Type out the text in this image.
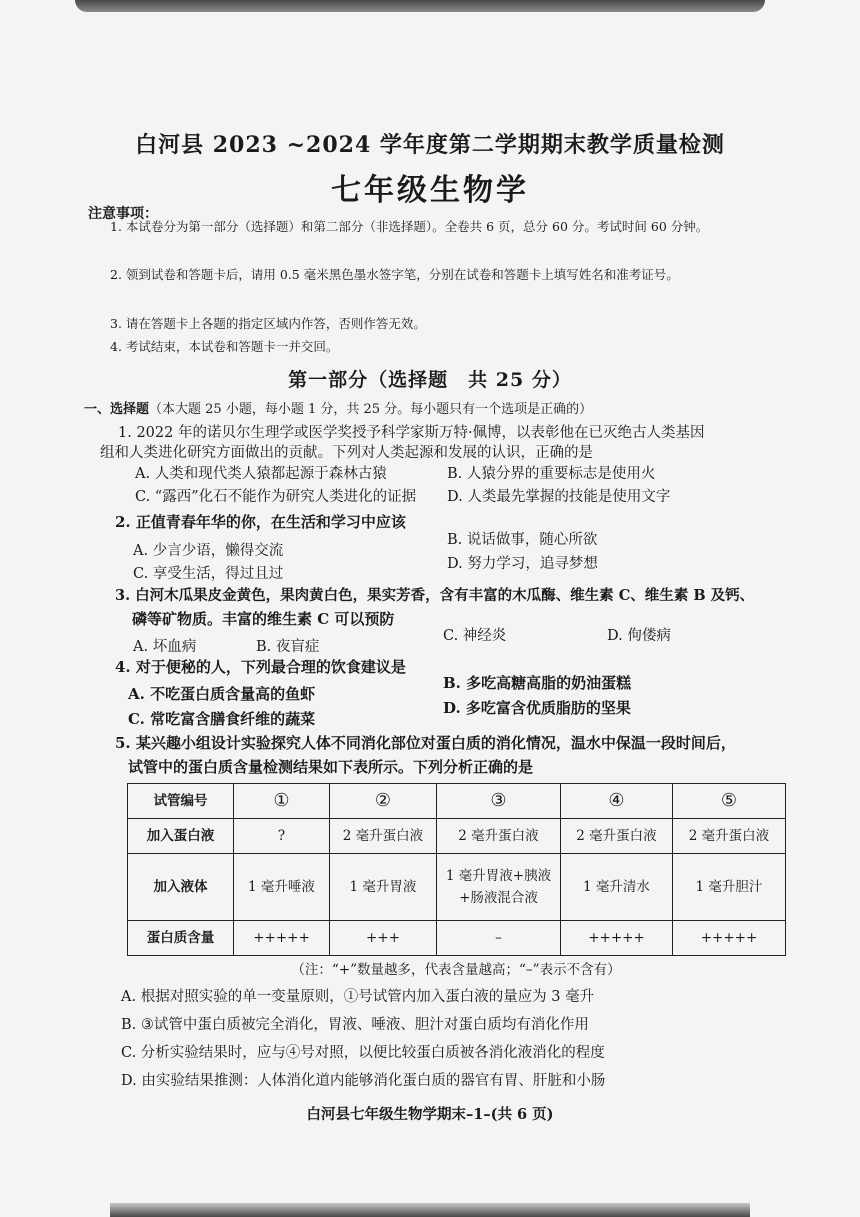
白河县 2023 ~2024 学年度第二学期期末教学质量检测
七年级生物学
注意事项：
1. 本试卷分为第一部分（选择题）和第二部分（非选择题）。全卷共 6 页，总分 60 分。考试时间 60 分钟。
2. 领到试卷和答题卡后，请用 0.5 毫米黑色墨水签字笔，分别在试卷和答题卡上填写姓名和准考证号。
3. 请在答题卡上各题的指定区域内作答，否则作答无效。
4. 考试结束，本试卷和答题卡一并交回。
第一部分（选择题　共 25 分）
一、选择题（本大题 25 小题，每小题 1 分，共 25 分。每小题只有一个选项是正确的）
1. 2022 年的诺贝尔生理学或医学奖授予科学家斯万特·佩博，以表彰他在已灭绝古人类基因
组和人类进化研究方面做出的贡献。下列对人类起源和发展的认识，正确的是
A. 人类和现代类人猿都起源于森林古猿	B. 人猿分界的重要标志是使用火
C. “露西”化石不能作为研究人类进化的证据 D. 人类最先掌握的技能是使用文字
2. 正值青春年华的你，在生活和学习中应该
A. 少言少语，懒得交流
B. 说话做事，随心所欲
C. 享受生活，得过且过
D. 努力学习，追寻梦想
3. 白河木瓜果皮金黄色，果肉黄白色，果实芳香，含有丰富的木瓜酶、维生素 C、维生素 B 及钙、
磷等矿物质。丰富的维生素 C 可以预防
A. 坏血病	B. 夜盲症
C. 神经炎	D. 佝偻病
4. 对于便秘的人，下列最合理的饮食建议是
A. 不吃蛋白质含量高的鱼虾
B. 多吃高糖高脂的奶油蛋糕
C. 常吃富含膳食纤维的蔬菜
D. 多吃富含优质脂肪的坚果
5. 某兴趣小组设计实验探究人体不同消化部位对蛋白质的消化情况，温水中保温一段时间后，
试管中的蛋白质含量检测结果如下表所示。下列分析正确的是
试管编号	①	②	③	④	⑤
加入蛋白液	?	2 毫升蛋白液	2 毫升蛋白液	2 毫升蛋白液	2 毫升蛋白液
加入液体	1 毫升唾液	1 毫升胃液	1 毫升胃液+胰液+肠液混合液	1 毫升清水	1 毫升胆汁
蛋白质含量	+++++	+++	–	+++++	+++++
（注：“+”数量越多，代表含量越高；“–”表示不含有）
A. 根据对照实验的单一变量原则，①号试管内加入蛋白液的量应为 3 毫升
B. ③试管中蛋白质被完全消化，胃液、唾液、胆汁对蛋白质均有消化作用
C. 分析实验结果时，应与④号对照，以便比较蛋白质被各消化液消化的程度
D. 由实验结果推测：人体消化道内能够消化蛋白质的器官有胃、肝脏和小肠
白河县七年级生物学期末–1–(共 6 页)
